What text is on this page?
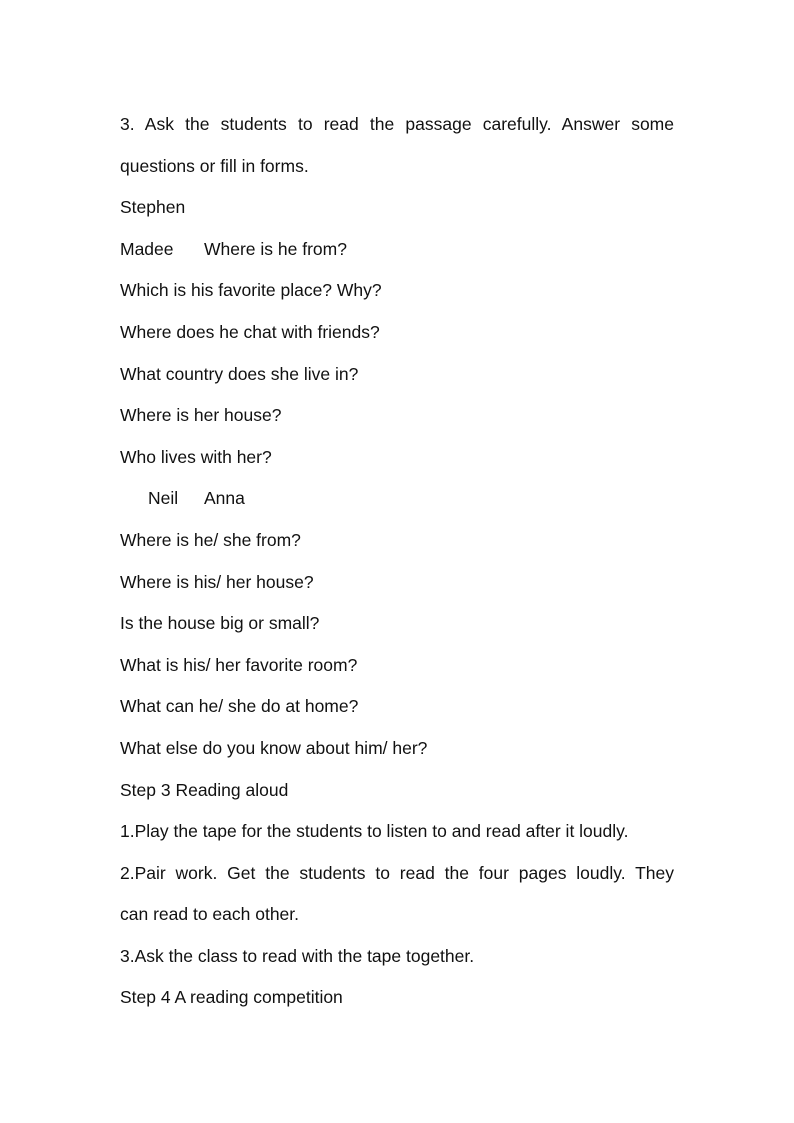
3. Ask the students to read the passage carefully. Answer some
questions or fill in forms.
Stephen
Madee Where is he from?
Which is his favorite place? Why?
Where does he chat with friends?
What country does she live in?
Where is her house?
Who lives with her?
Neil Anna
Where is he/ she from?
Where is his/ her house?
Is the house big or small?
What is his/ her favorite room?
What can he/ she do at home?
What else do you know about him/ her?
Step 3 Reading aloud
1.Play the tape for the students to listen to and read after it loudly.
2.Pair work. Get the students to read the four pages loudly. They
can read to each other.
3.Ask the class to read with the tape together.
Step 4 A reading competition
